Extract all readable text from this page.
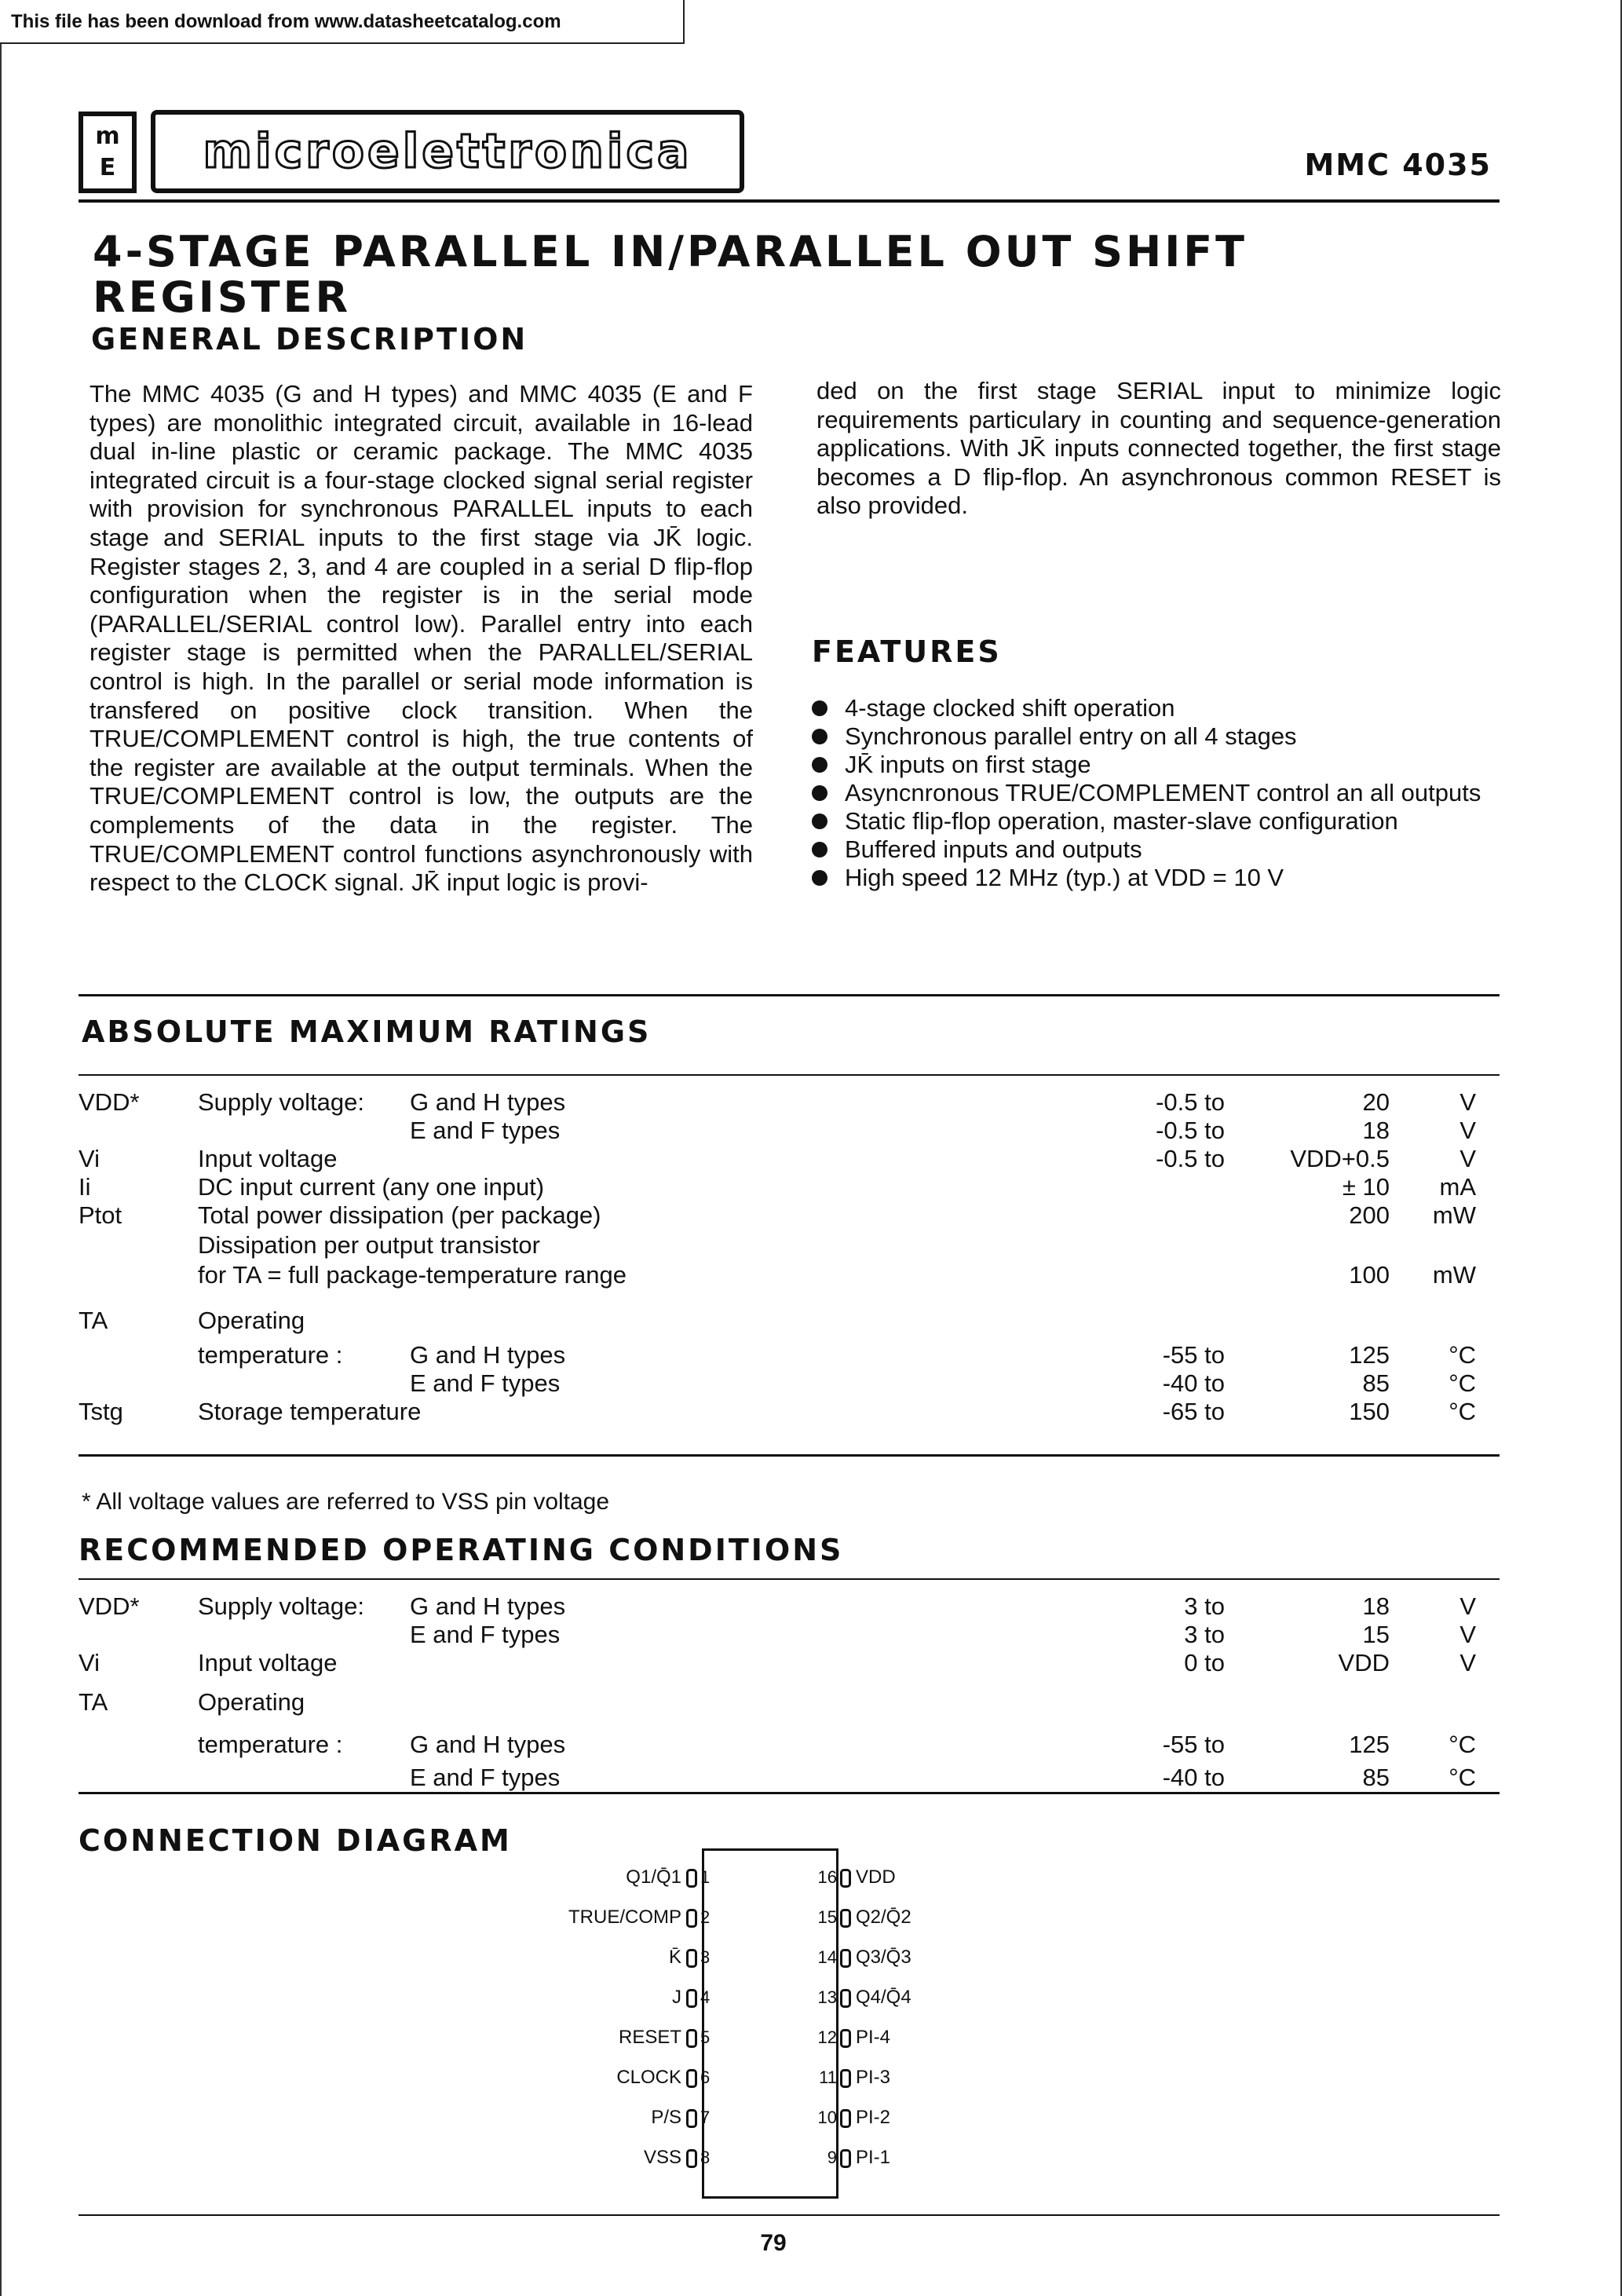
This file has been download from www.datasheetcatalog.com
m
E	microelettronica	MMC 4035
4-STAGE PARALLEL IN/PARALLEL OUT SHIFT REGISTER
GENERAL DESCRIPTION
The MMC 4035 (G and H types) and MMC 4035 (E and F types) are monolithic integrated circuit, available in 16-lead dual in-line plastic or ceramic package. The MMC 4035 integrated circuit is a four-stage clocked signal serial register with provision for synchronous PARALLEL inputs to each stage and SERIAL inputs to the first stage via JK̄ logic. Register stages 2, 3, and 4 are coupled in a serial D flip-flop configuration when the register is in the serial mode (PARALLEL/SERIAL control low). Parallel entry into each register stage is permitted when the PARALLEL/SERIAL control is high. In the parallel or serial mode information is transfered on positive clock transition. When the TRUE/COMPLEMENT control is high, the true contents of the register are available at the output terminals. When the TRUE/COMPLEMENT control is low, the outputs are the complements of the data in the register. The TRUE/COMPLEMENT control functions asynchronously with respect to the CLOCK signal. JK̄ input logic is provi-
ded on the first stage SERIAL input to minimize logic requirements particulary in counting and sequence-generation applications. With JK̄ inputs connected together, the first stage becomes a D flip-flop. An asynchronous common RESET is also provided.
FEATURES
4-stage clocked shift operation
Synchronous parallel entry on all 4 stages
JK̄ inputs on first stage
Asyncnronous TRUE/COMPLEMENT control an all outputs
Static flip-flop operation, master-slave configuration
Buffered inputs and outputs
High speed 12 MHz (typ.) at VDD = 10 V
ABSOLUTE MAXIMUM RATINGS
VDD* Supply voltage: G and H types	-0.5 to	20	V
E and F types	-0.5 to	18	V
Vi	Input voltage	-0.5 to	VDD+0.5	V
Ii	DC input current (any one input)	± 10	mA
Ptot	Total power dissipation (per package)	200	mW
Dissipation per output transistor
for TA = full package-temperature range	100	mW
TA	Operating
temperature :	G and H types	-55 to	125	°C
E and F types	-40 to	85	°C
Tstg	Storage temperature	-65 to	150	°C
* All voltage values are referred to VSS pin voltage
RECOMMENDED OPERATING CONDITIONS
VDD* Supply voltage: G and H types	3 to	18	V
E and F types	3 to	15	V
Vi	Input voltage	0 to	VDD	V
TA	Operating
temperature :	G and H types	-55 to	125	°C
E and F types	-40 to	85	°C
CONNECTION DIAGRAM
Q1/Q̄1 1
TRUE/COMP 2
K̄ 3
J 4
RESET 5
CLOCK 6
P/S 7
VSS 8
16 VDD
15 Q2/Q̄2
14 Q3/Q̄3
13 Q4/Q̄4
12 PI-4
11 PI-3
10 PI-2
9 PI-1
79
